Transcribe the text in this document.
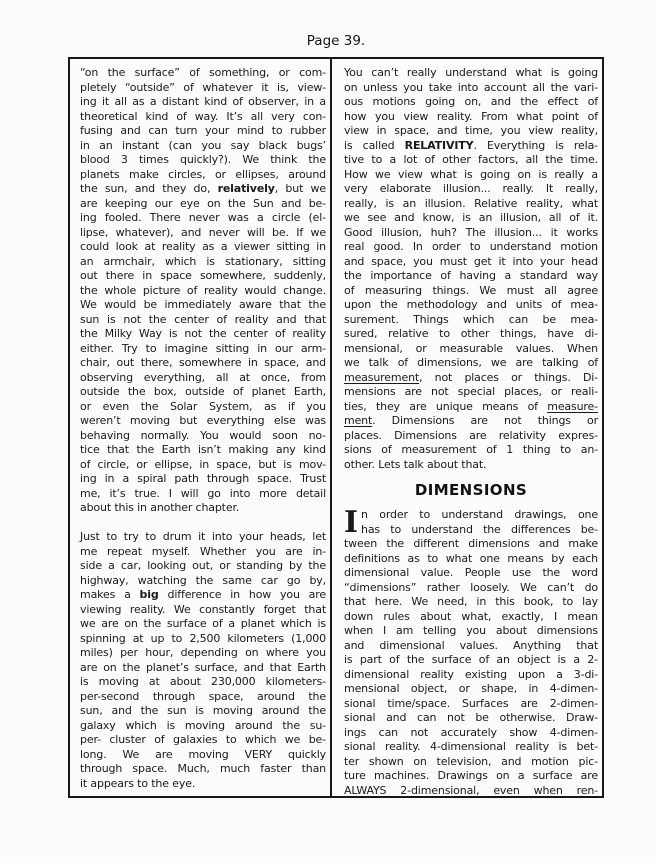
Page 39.
“on the surface” of something, or com-
pletely “outside” of whatever it is, view-
ing it all as a distant kind of observer, in a
theoretical kind of way. It’s all very con-
fusing and can turn your mind to rubber
in an instant (can you say black bugs’
blood 3 times quickly?). We think the
planets make circles, or ellipses, around
the sun, and they do, relatively, but we
are keeping our eye on the Sun and be-
ing fooled. There never was a circle (el-
lipse, whatever), and never will be. If we
could look at reality as a viewer sitting in
an armchair, which is stationary, sitting
out there in space somewhere, suddenly,
the whole picture of reality would change.
We would be immediately aware that the
sun is not the center of reality and that
the Milky Way is not the center of reality
either. Try to imagine sitting in our arm-
chair, out there, somewhere in space, and
observing everything, all at once, from
outside the box, outside of planet Earth,
or even the Solar System, as if you
weren’t moving but everything else was
behaving normally. You would soon no-
tice that the Earth isn’t making any kind
of circle, or ellipse, in space, but is mov-
ing in a spiral path through space. Trust
me, it’s true. I will go into more detail
about this in another chapter.
Just to try to drum it into your heads, let
me repeat myself. Whether you are in-
side a car, looking out, or standing by the
highway, watching the same car go by,
makes a big difference in how you are
viewing reality. We constantly forget that
we are on the surface of a planet which is
spinning at up to 2,500 kilometers (1,000
miles) per hour, depending on where you
are on the planet’s surface, and that Earth
is moving at about 230,000 kilometers-
per-second through space, around the
sun, and the sun is moving around the
galaxy which is moving around the su-
per- cluster of galaxies to which we be-
long. We are moving VERY quickly
through space. Much, much faster than
it appears to the eye.
You can’t really understand what is going
on unless you take into account all the vari-
ous motions going on, and the effect of
how you view reality. From what point of
view in space, and time, you view reality,
is called RELATIVITY. Everything is rela-
tive to a lot of other factors, all the time.
How we view what is going on is really a
very elaborate illusion... really. It really,
really, is an illusion. Relative reality, what
we see and know, is an illusion, all of it.
Good illusion, huh? The illusion... it works
real good. In order to understand motion
and space, you must get it into your head
the importance of having a standard way
of measuring things. We must all agree
upon the methodology and units of mea-
surement. Things which can be mea-
sured, relative to other things, have di-
mensional, or measurable values. When
we talk of dimensions, we are talking of
measurement, not places or things. Di-
mensions are not special places, or reali-
ties, they are unique means of measure-
ment. Dimensions are not things or
places. Dimensions are relativity expres-
sions of measurement of 1 thing to an-
other. Lets talk about that.
DIMENSIONS
I n order to understand drawings, one
has to understand the differences be-
tween the different dimensions and make
definitions as to what one means by each
dimensional value. People use the word
“dimensions” rather loosely. We can’t do
that here. We need, in this book, to lay
down rules about what, exactly, I mean
when I am telling you about dimensions
and dimensional values. Anything that
is part of the surface of an object is a 2-
dimensional reality existing upon a 3-di-
mensional object, or shape, in 4-dimen-
sional time/space. Surfaces are 2-dimen-
sional and can not be otherwise. Draw-
ings can not accurately show 4-dimen-
sional reality. 4-dimensional reality is bet-
ter shown on television, and motion pic-
ture machines. Drawings on a surface are
ALWAYS 2-dimensional, even when ren-
